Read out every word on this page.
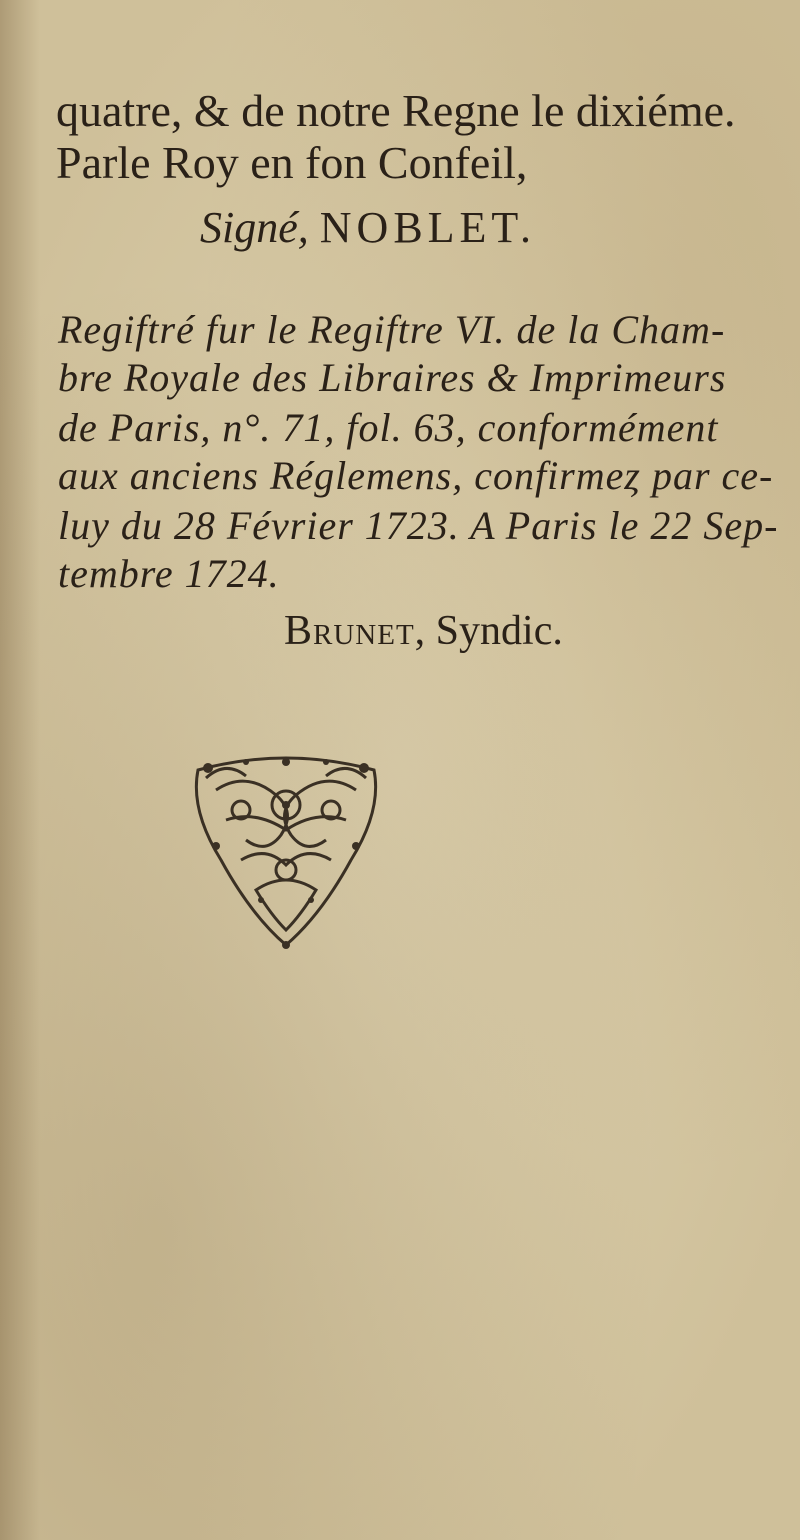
quatre, & de notre Regne le dixiéme.

Parle Roy en fon Confeil,

Signé, NOBLET.

Regiftré fur le Regiftre VI. de la Cham-

bre Royale des Libraires & Imprimeurs

de Paris, n°. 71, fol. 63, conformément

aux anciens Réglemens, confirmeȥ par ce-

luy du 28 Février 1723. A Paris le 22 Sep-

tembre 1724.

Brunet, Syndic.
